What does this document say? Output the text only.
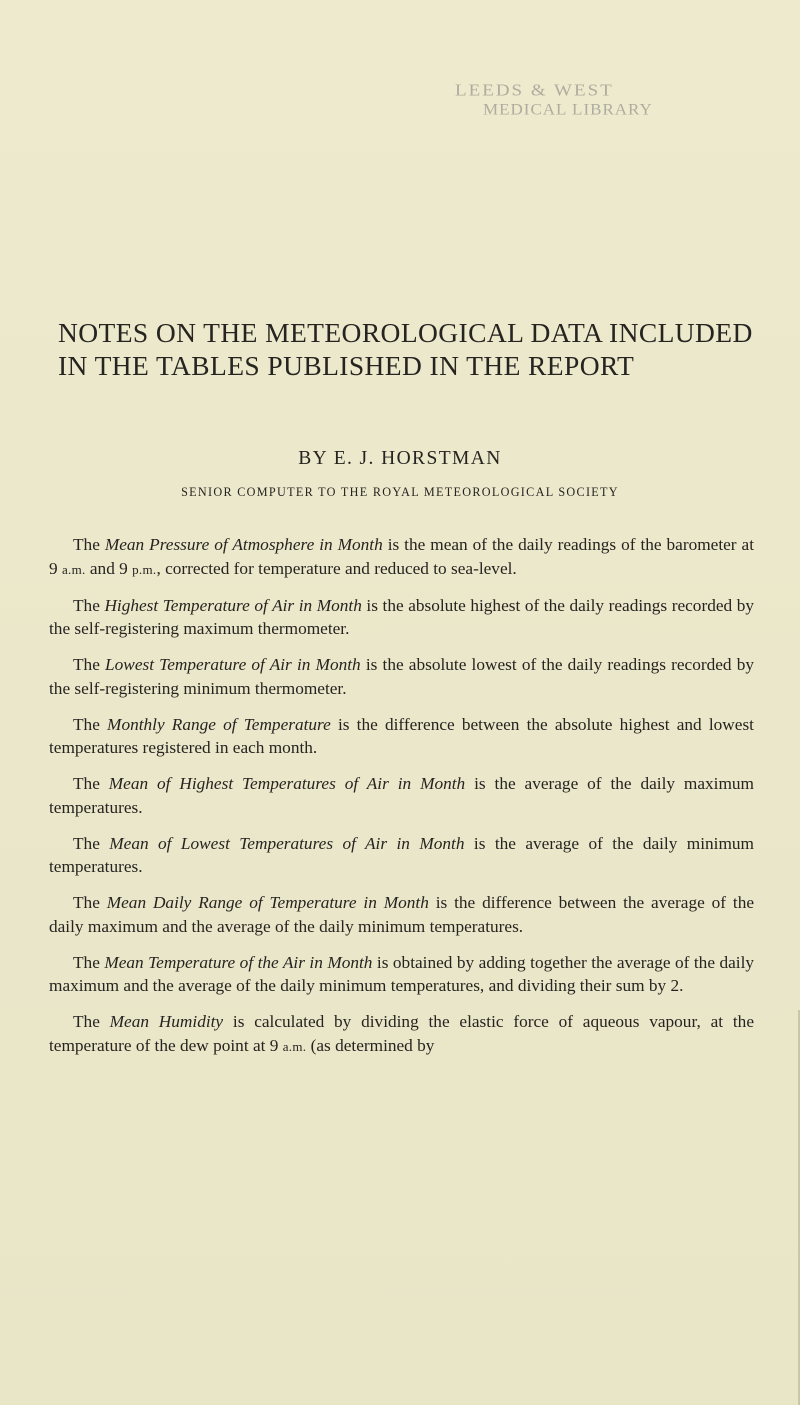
LEEDS & WEST
MEDICAL LIBRARY
NOTES ON THE METEOROLOGICAL DATA INCLUDED

IN THE TABLES PUBLISHED IN THE REPORT
BY E. J. HORSTMAN
SENIOR COMPUTER TO THE ROYAL METEOROLOGICAL SOCIETY

The Mean Pressure of Atmosphere in Month is the mean of the daily readings of the barometer at 9 a.m. and 9 p.m., corrected for temperature and reduced to sea-level.

The Highest Temperature of Air in Month is the absolute highest of the daily readings recorded by the self-registering maximum thermometer.

The Lowest Temperature of Air in Month is the absolute lowest of the daily readings recorded by the self-registering minimum thermometer.

The Monthly Range of Temperature is the difference between the absolute highest and lowest temperatures registered in each month.

The Mean of Highest Temperatures of Air in Month is the average of the daily maximum temperatures.

The Mean of Lowest Temperatures of Air in Month is the average of the daily minimum temperatures.

The Mean Daily Range of Temperature in Month is the difference between the average of the daily maximum and the average of the daily minimum temperatures.

The Mean Temperature of the Air in Month is obtained by adding together the average of the daily maximum and the average of the daily minimum temperatures, and dividing their sum by 2.

The Mean Humidity is calculated by dividing the elastic force of aqueous vapour, at the temperature of the dew point at 9 a.m. (as determined by
